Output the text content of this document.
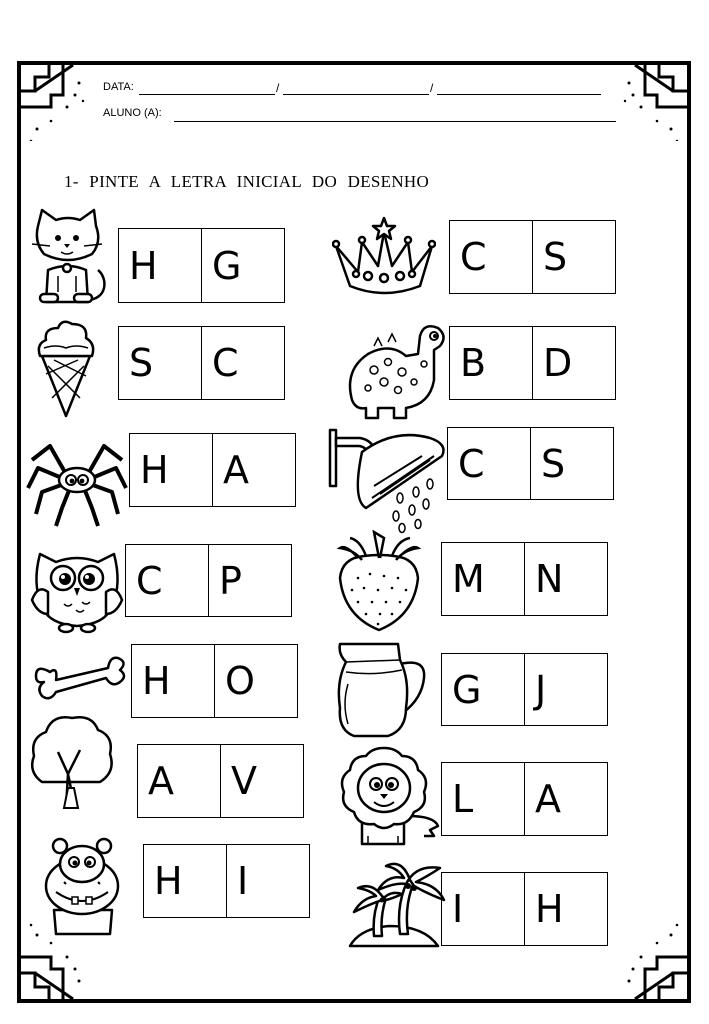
DATA:	/	/
ALUNO (A):
1- PINTE A LETRA INICIAL DO DESENHO
H G
S C
H A
C P
H O
A V
H I
C S
B D
C S
M N
G J
L A
I H
